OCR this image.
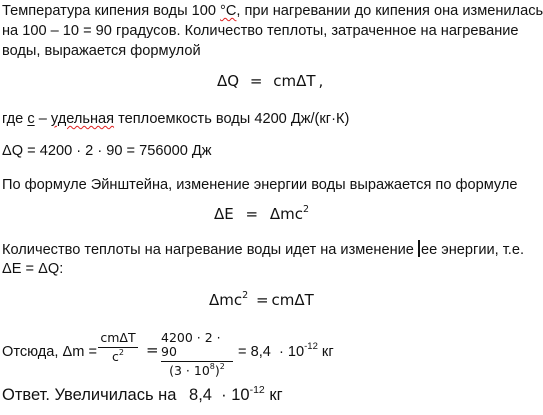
Температура кипения воды 100 °С, при нагревании до кипения она изменилась
на 100 – 10 = 90 градусов. Количество теплоты, затраченное на нагревание
воды, выражается формулой
ΔQ = cmΔT ,
где с – удельная теплоемкость воды 4200 Дж/(кг·К)
ΔQ = 4200 · 2 · 90 = 756000 Дж
По формуле Эйнштейна, изменение энергии воды выражается по формуле
ΔE = Δmc$^2$
Количество теплоты на нагревание воды идет на изменение ее энергии, т.е.
ΔE = ΔQ:
Δmc$^2$ = cmΔT
Отсюда, Δm =
cmΔT
$c^2$ =
4200 · 2 · 90
$(3 \cdot 10^8)^2$
= $8,4 \cdot 10^{-12}$ кг
Ответ. Увеличилась на $8,4 \cdot 10^{-12}$ кг
